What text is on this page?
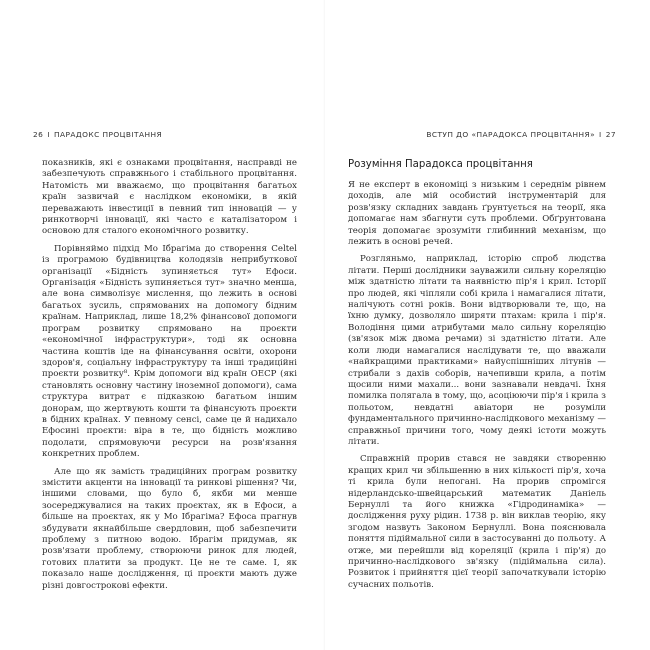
26 I ПАРАДОКС ПРОЦВІТАННЯ

показників, які є ознаками процвітання, насправді не забезпечують справжнього і стабільного процвітання. Натомість ми вважаємо, що процвітання багатьох країн зазвичай є наслідком економіки, в якій переважають інвестиції в певний тип інновацій — у ринкотворчі інновації, які часто є каталізатором і основою для сталого економічного розвитку.

Порівняймо підхід Мо Ібрагіма до створення Celtel із програмою будівництва колодязів неприбуткової організації «Бідність зупиняється тут» Ефоси. Організація «Бідність зупиняється тут» значно менша, але вона символізує мислення, що лежить в основі багатьох зусиль, спрямованих на допомогу бідним країнам. Наприклад, лише 18,2% фінансової допомоги програм розвитку спрямовано на проєкти «економічної інфраструктури», тоді як основна частина коштів іде на фінансування освіти, охорони здоров'я, соціальну інфраструктуру та інші традиційні проєкти розвитку⁸. Крім допомоги від країн ОЕСР (які становлять основну частину іноземної допомоги), сама структура витрат є підказкою багатьом іншим донорам, що жертвують кошти та фінансують проєкти в бідних країнах. У певному сенсі, саме це й надихало Ефосині проєкти: віра в те, що бідність можливо подолати, спрямовуючи ресурси на розв'язання конкретних проблем.

Але що як замість традиційних програм розвитку змістити акценти на інновації та ринкові рішення? Чи, іншими словами, що було б, якби ми менше зосереджувалися на таких проєктах, як в Ефоси, а більше на проєктах, як у Мо Ібрагіма? Ефоса прагнув збудувати якнайбільше свердловин, щоб забезпечити проблему з питною водою. Ібрагім придумав, як розв'язати проблему, створюючи ринок для людей, готових платити за продукт. Це не те саме. І, як показало наше дослідження, ці проєкти мають дуже різні довгострокові ефекти.

ВСТУП ДО «ПАРАДОКСА ПРОЦВІТАННЯ» I 27
Розуміння Парадокса процвітання

Я не експерт в економіці з низьким і середнім рівнем доходів, але мій особистий інструментарій для розв'язку складних завдань ґрунтується на теорії, яка допомагає нам збагнути суть проблеми. Обґрунтована теорія допомагає зрозуміти глибинний механізм, що лежить в основі речей.

Розгляньмо, наприклад, історію спроб людства літати. Перші дослідники зауважили сильну кореляцію між здатністю літати та наявністю пір'я і крил. Історії про людей, які чіпляли собі крила і намагалися літати, налічують сотні років. Вони відтворювали те, що, на їхню думку, дозволяло ширяти птахам: крила і пір'я. Володіння цими атрибутами мало сильну кореляцію (зв'язок між двома речами) зі здатністю літати. Але коли люди намагалися наслідувати те, що вважали «найкращими практиками» найуспішніших літунів — стрибали з дахів соборів, начепивши крила, а потім щосили ними махали... вони зазнавали невдачі. Їхня помилка полягала в тому, що, асоціюючи пір'я і крила з польотом, невдатні авіатори не розуміли фундаментального причинно-наслідкового механізму — справжньої причини того, чому деякі істоти можуть літати.

Справжній прорив стався не завдяки створенню кращих крил чи збільшенню в них кількості пір'я, хоча ті крила були непогані. На прорив спромігся нідерландсько-швейцарський математик Даніель Бернуллі та його книжка «Гідродинаміка» — дослідження руху рідин. 1738 р. він виклав теорію, яку згодом назвуть Законом Бернуллі. Вона пояснювала поняття підіймальної сили в застосуванні до польоту. А отже, ми перейшли від кореляції (крила і пір'я) до причинно-наслідкового зв'язку (підіймальна сила). Розвиток і прийняття цієї теорії започаткували історію сучасних польотів.
